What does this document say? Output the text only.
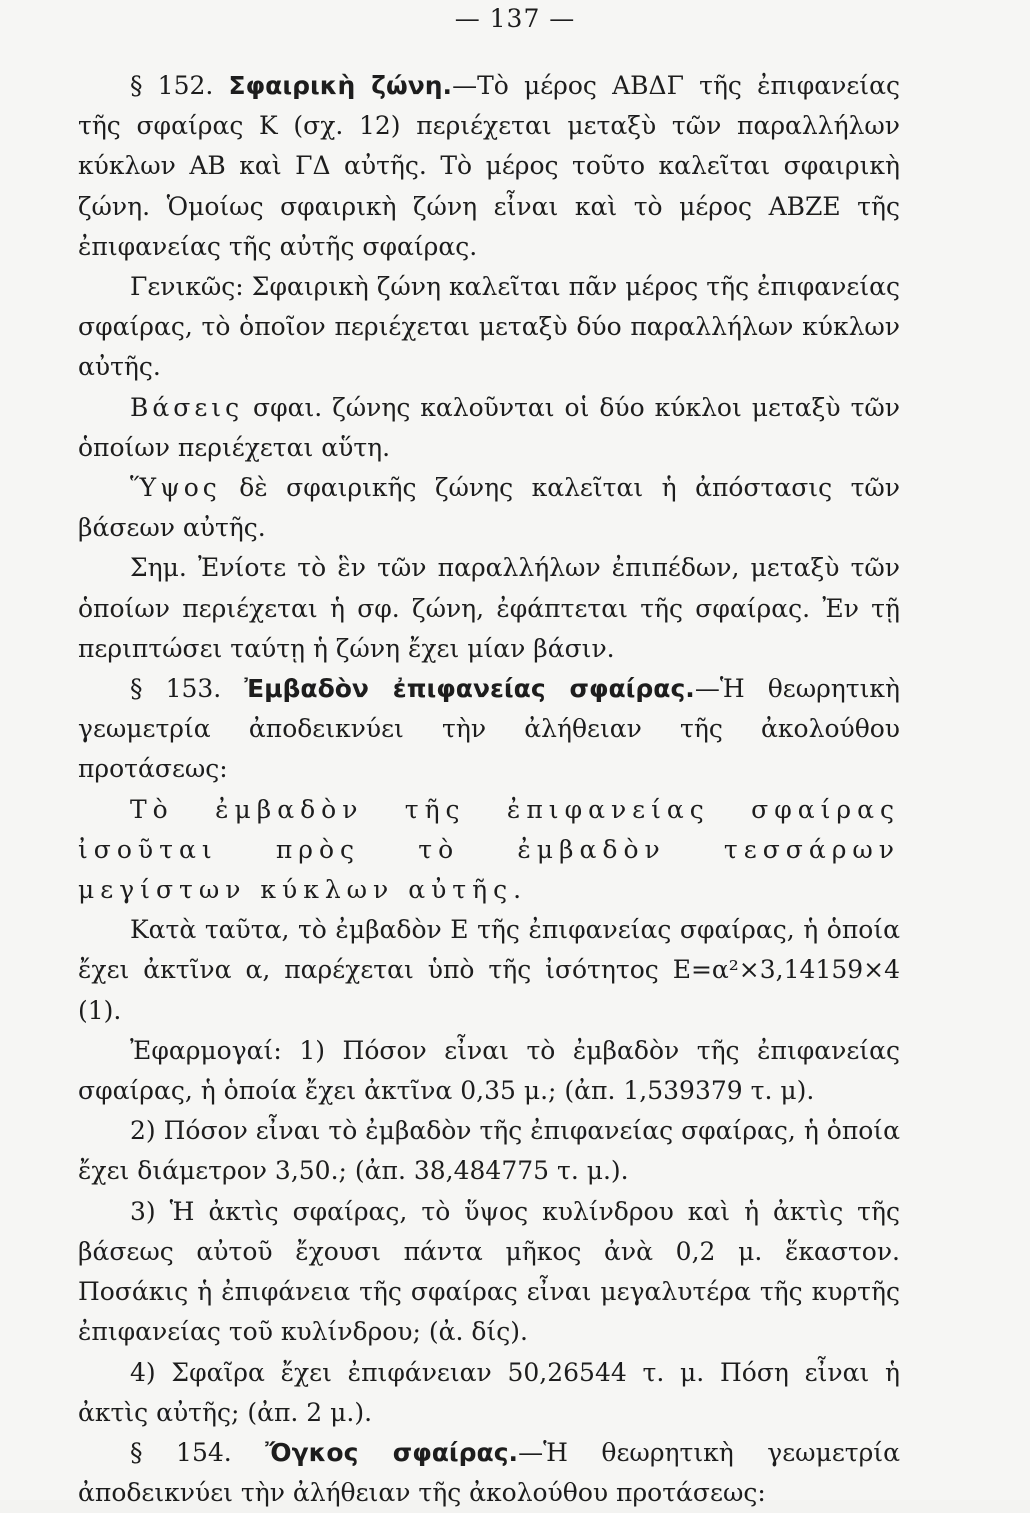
— 137 —

§ 152. Σφαιρικὴ ζώνη.—Τὸ μέρος ΑΒΔΓ τῆς ἐπιφανείας τῆς σφαίρας Κ (σχ. 12) περιέχεται μεταξὺ τῶν παραλλήλων κύκλων ΑΒ καὶ ΓΔ αὐτῆς. Τὸ μέρος τοῦτο καλεῖται σφαιρικὴ ζώνη. Ὁμοίως σφαιρικὴ ζώνη εἶναι καὶ τὸ μέρος ΑΒΖΕ τῆς ἐπιφανείας τῆς αὐτῆς σφαίρας.

Γενικῶς: Σφαιρικὴ ζώνη καλεῖται πᾶν μέρος τῆς ἐπιφανείας σφαίρας, τὸ ὁποῖον περιέχεται μεταξὺ δύο παραλλήλων κύκλων αὐτῆς.

Βάσεις σφαι. ζώνης καλοῦνται οἱ δύο κύκλοι μεταξὺ τῶν ὁποίων περιέχεται αὕτη.

Ὕψος δὲ σφαιρικῆς ζώνης καλεῖται ἡ ἀπόστασις τῶν βάσεων αὐτῆς.

Σημ. Ἐνίοτε τὸ ἓν τῶν παραλλήλων ἐπιπέδων, μεταξὺ τῶν ὁποίων περιέχεται ἡ σφ. ζώνη, ἐφάπτεται τῆς σφαίρας. Ἐν τῇ περιπτώσει ταύτῃ ἡ ζώνη ἔχει μίαν βάσιν.

§ 153. Ἐμβαδὸν ἐπιφανείας σφαίρας.—Ἡ θεωρητικὴ γεωμετρία ἀποδεικνύει τὴν ἀλήθειαν τῆς ἀκολούθου προτάσεως:

Τὸ ἐμβαδὸν τῆς ἐπιφανείας σφαίρας ἰσοῦται πρὸς τὸ ἐμβαδὸν τεσσάρων μεγίστων κύκλων αὐτῆς.

Κατὰ ταῦτα, τὸ ἐμβαδὸν Ε τῆς ἐπιφανείας σφαίρας, ἡ ὁποία ἔχει ἀκτῖνα α, παρέχεται ὑπὸ τῆς ἰσότητος Ε=α²×3,14159×4 (1).

Ἐφαρμογαί: 1) Πόσον εἶναι τὸ ἐμβαδὸν τῆς ἐπιφανείας σφαίρας, ἡ ὁποία ἔχει ἀκτῖνα 0,35 μ.; (ἀπ. 1,539379 τ. μ).

2) Πόσον εἶναι τὸ ἐμβαδὸν τῆς ἐπιφανείας σφαίρας, ἡ ὁποία ἔχει διάμετρον 3,50.; (ἀπ. 38,484775 τ. μ.).

3) Ἡ ἀκτὶς σφαίρας, τὸ ὕψος κυλίνδρου καὶ ἡ ἀκτὶς τῆς βάσεως αὐτοῦ ἔχουσι πάντα μῆκος ἀνὰ 0,2 μ. ἕκαστον. Ποσάκις ἡ ἐπιφάνεια τῆς σφαίρας εἶναι μεγαλυτέρα τῆς κυρτῆς ἐπιφανείας τοῦ κυλίνδρου; (ἀ. δίς).

4) Σφαῖρα ἔχει ἐπιφάνειαν 50,26544 τ. μ. Πόση εἶναι ἡ ἀκτὶς αὐτῆς; (ἀπ. 2 μ.).

§ 154. Ὄγκος σφαίρας.—Ἡ θεωρητικὴ γεωμετρία ἀποδεικνύει τὴν ἀλήθειαν τῆς ἀκολούθου προτάσεως:
